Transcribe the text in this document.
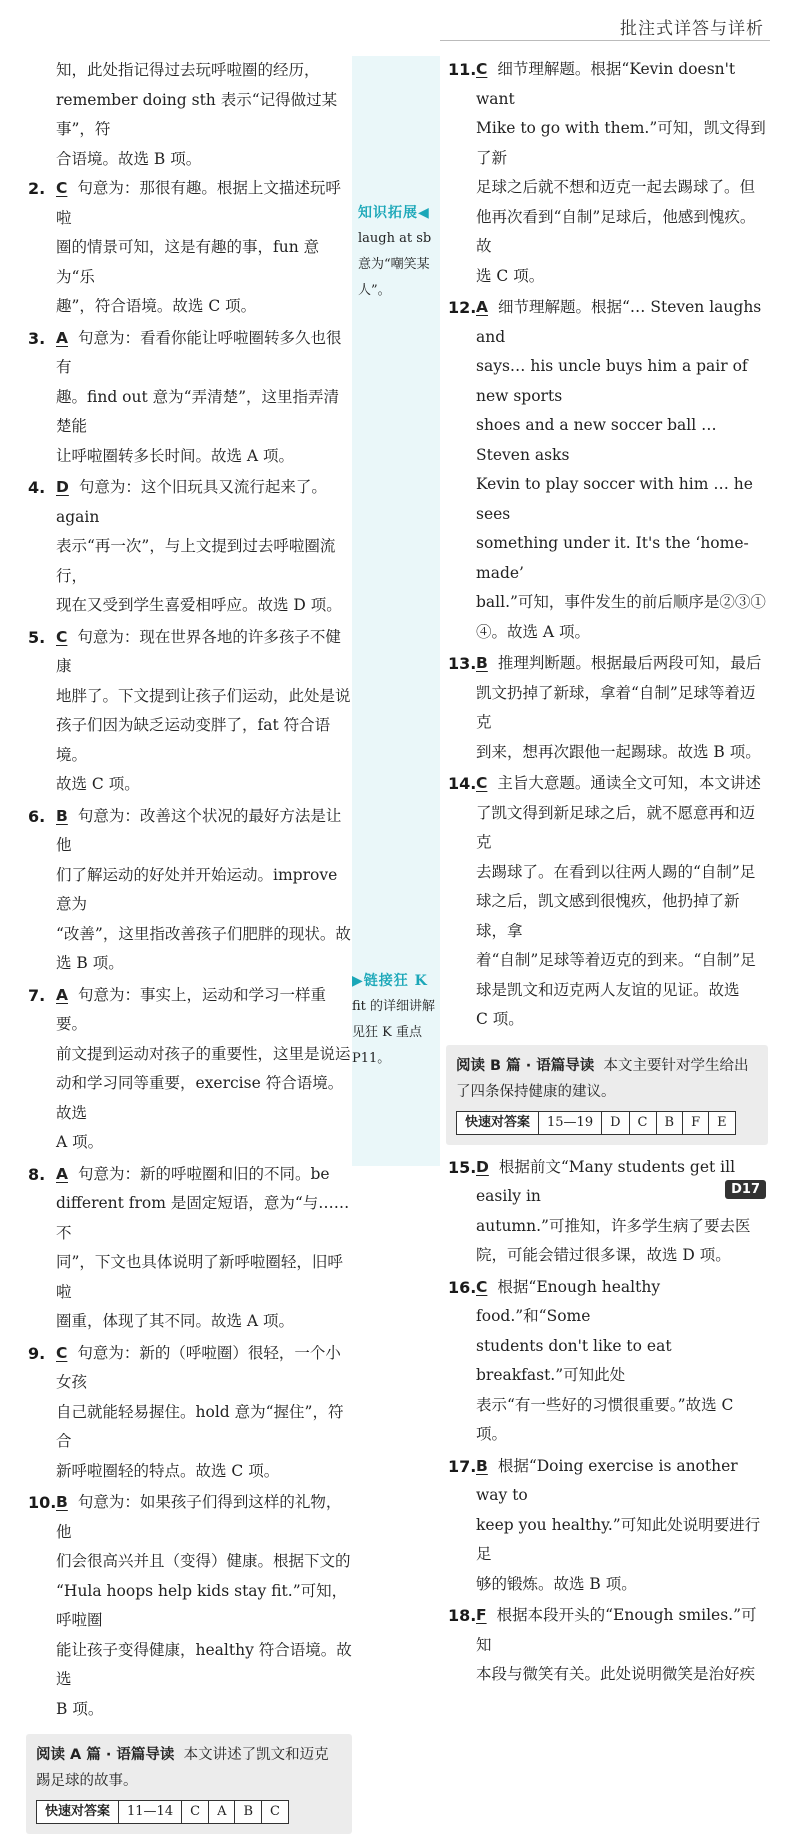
批注式详答与详析
知，此处指记得过去玩呼啦圈的经历，
remember doing sth 表示“记得做过某事”，符
合语境。故选 B 项。
2. C 句意为：那很有趣。根据上文描述玩呼啦
圈的情景可知，这是有趣的事，fun 意为“乐
趣”，符合语境。故选 C 项。
3. A 句意为：看看你能让呼啦圈转多久也很有
趣。find out 意为“弄清楚”，这里指弄清楚能
让呼啦圈转多长时间。故选 A 项。
4. D 句意为：这个旧玩具又流行起来了。again
表示“再一次”，与上文提到过去呼啦圈流行，
现在又受到学生喜爱相呼应。故选 D 项。
5. C 句意为：现在世界各地的许多孩子不健康
地胖了。下文提到让孩子们运动，此处是说
孩子们因为缺乏运动变胖了，fat 符合语境。
故选 C 项。
6. B 句意为：改善这个状况的最好方法是让他
们了解运动的好处并开始运动。improve 意为
“改善”，这里指改善孩子们肥胖的现状。故
选 B 项。
7. A 句意为：事实上，运动和学习一样重要。
前文提到运动对孩子的重要性，这里是说运
动和学习同等重要，exercise 符合语境。故选
A 项。
8. A 句意为：新的呼啦圈和旧的不同。be
different from 是固定短语，意为“与……不
同”，下文也具体说明了新呼啦圈轻，旧呼啦
圈重，体现了其不同。故选 A 项。
9. C 句意为：新的（呼啦圈）很轻，一个小女孩
自己就能轻易握住。hold 意为“握住”，符合
新呼啦圈轻的特点。故选 C 项。
10. B 句意为：如果孩子们得到这样的礼物，他
们会很高兴并且（变得）健康。根据下文的
“Hula hoops help kids stay fit.”可知，呼啦圈
能让孩子变得健康，healthy 符合语境。故选
B 项。
阅读 A 篇 · 语篇导读 本文讲述了凯文和迈克踢足球的故事。
快速对答案	11—14	C	A	B	C
知识拓展◀
laugh at sb 意为“嘲笑某人”。
▶链接狂 K
fit 的详细讲解见狂 K 重点 P11。
11. C 细节理解题。根据“Kevin doesn't want
Mike to go with them.”可知，凯文得到了新
足球之后就不想和迈克一起去踢球了。但
他再次看到“自制”足球后，他感到愧疚。故
选 C 项。
12. A 细节理解题。根据“… Steven laughs and
says… his uncle buys him a pair of new sports
shoes and a new soccer ball … Steven asks
Kevin to play soccer with him … he sees
something under it. It's the ‘home-made’
ball.”可知，事件发生的前后顺序是②③①
④。故选 A 项。
13. B 推理判断题。根据最后两段可知，最后
凯文扔掉了新球，拿着“自制”足球等着迈克
到来，想再次跟他一起踢球。故选 B 项。
14. C 主旨大意题。通读全文可知，本文讲述
了凯文得到新足球之后，就不愿意再和迈克
去踢球了。在看到以往两人踢的“自制”足
球之后，凯文感到很愧疚，他扔掉了新球，拿
着“自制”足球等着迈克的到来。“自制”足
球是凯文和迈克两人友谊的见证。故选
C 项。
阅读 B 篇 · 语篇导读 本文主要针对学生给出了四条保持健康的建议。
快速对答案	15—19	D	C	B	F	E
15. D 根据前文“Many students get ill easily in
autumn.”可推知，许多学生病了要去医
院，可能会错过很多课，故选 D 项。
16. C 根据“Enough healthy food.”和“Some
students don't like to eat breakfast.”可知此处
表示“有一些好的习惯很重要。”故选 C 项。
17. B 根据“Doing exercise is another way to
keep you healthy.”可知此处说明要进行足
够的锻炼。故选 B 项。
18. F 根据本段开头的“Enough smiles.”可知
本段与微笑有关。此处说明微笑是治好疾
D17
